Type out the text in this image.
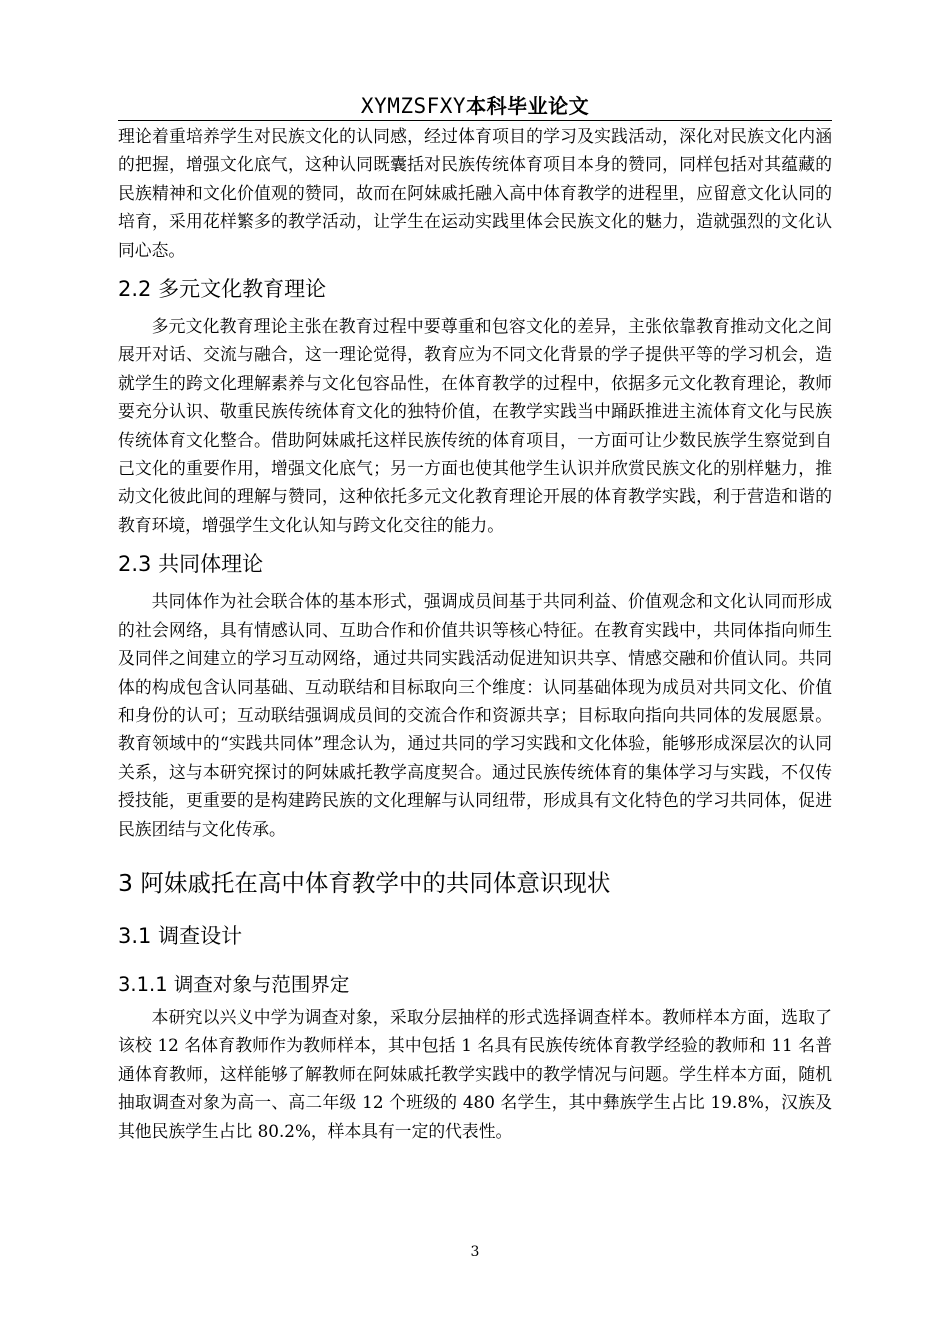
XYMZSFXY本科毕业论文

理论着重培养学生对民族文化的认同感，经过体育项目的学习及实践活动，深化对民族文化内涵的把握，增强文化底气，这种认同既囊括对民族传统体育项目本身的赞同，同样包括对其蕴藏的民族精神和文化价值观的赞同，故而在阿妹戚托融入高中体育教学的进程里，应留意文化认同的培育，采用花样繁多的教学活动，让学生在运动实践里体会民族文化的魅力，造就强烈的文化认同心态。

2.2 多元文化教育理论

多元文化教育理论主张在教育过程中要尊重和包容文化的差异，主张依靠教育推动文化之间展开对话、交流与融合，这一理论觉得，教育应为不同文化背景的学子提供平等的学习机会，造就学生的跨文化理解素养与文化包容品性，在体育教学的过程中，依据多元文化教育理论，教师要充分认识、敬重民族传统体育文化的独特价值，在教学实践当中踊跃推进主流体育文化与民族传统体育文化整合。借助阿妹戚托这样民族传统的体育项目，一方面可让少数民族学生察觉到自己文化的重要作用，增强文化底气；另一方面也使其他学生认识并欣赏民族文化的别样魅力，推动文化彼此间的理解与赞同，这种依托多元文化教育理论开展的体育教学实践，利于营造和谐的教育环境，增强学生文化认知与跨文化交往的能力。

2.3 共同体理论

共同体作为社会联合体的基本形式，强调成员间基于共同利益、价值观念和文化认同而形成的社会网络，具有情感认同、互助合作和价值共识等核心特征。在教育实践中，共同体指向师生及同伴之间建立的学习互动网络，通过共同实践活动促进知识共享、情感交融和价值认同。共同体的构成包含认同基础、互动联结和目标取向三个维度：认同基础体现为成员对共同文化、价值和身份的认可；互动联结强调成员间的交流合作和资源共享；目标取向指向共同体的发展愿景。教育领域中的“实践共同体”理念认为，通过共同的学习实践和文化体验，能够形成深层次的认同关系，这与本研究探讨的阿妹戚托教学高度契合。通过民族传统体育的集体学习与实践，不仅传授技能，更重要的是构建跨民族的文化理解与认同纽带，形成具有文化特色的学习共同体，促进民族团结与文化传承。

3 阿妹戚托在高中体育教学中的共同体意识现状
3.1 调查设计
3.1.1 调查对象与范围界定

本研究以兴义中学为调查对象，采取分层抽样的形式选择调查样本。教师样本方面，选取了该校 12 名体育教师作为教师样本，其中包括 1 名具有民族传统体育教学经验的教师和 11 名普通体育教师，这样能够了解教师在阿妹戚托教学实践中的教学情况与问题。学生样本方面，随机抽取调查对象为高一、高二年级 12 个班级的 480 名学生，其中彝族学生占比 19.8%，汉族及其他民族学生占比 80.2%，样本具有一定的代表性。

3
